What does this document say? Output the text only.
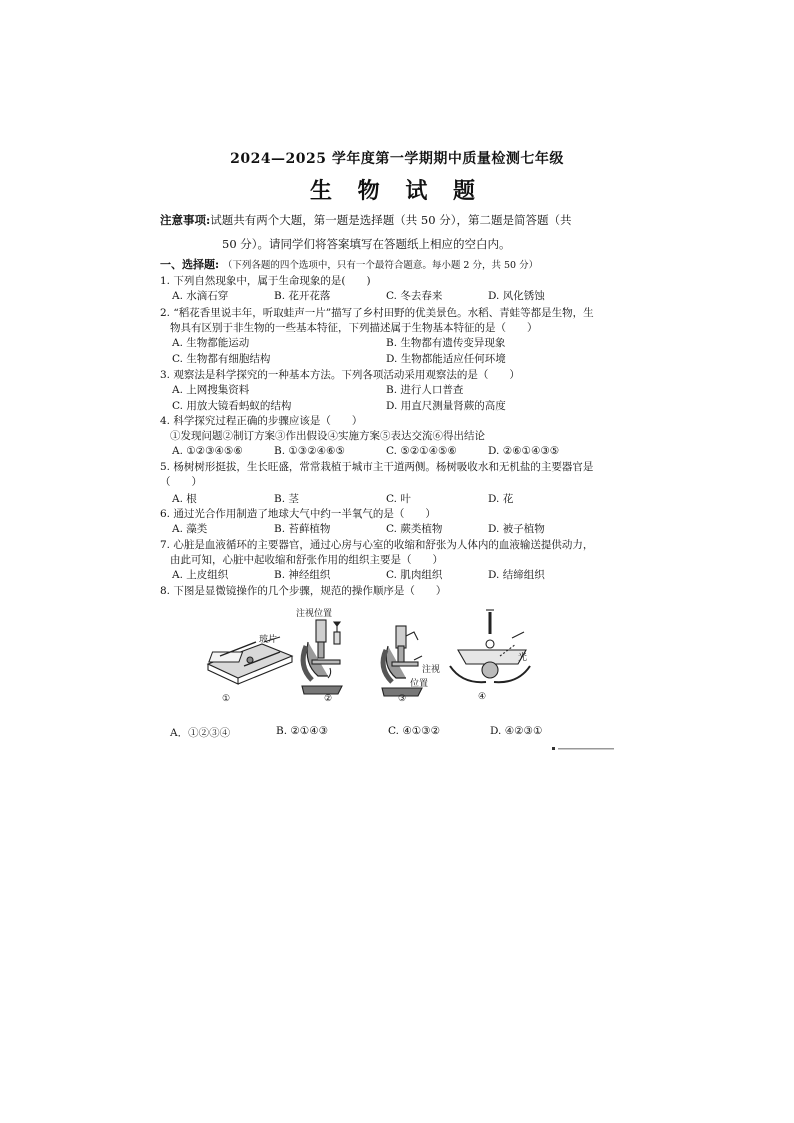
2024—2025 学年度第一学期期中质量检测七年级
生 物 试 题
注意事项:试题共有两个大题，第一题是选择题（共 50 分），第二题是简答题（共
50 分）。请同学们将答案填写在答题纸上相应的空白内。
一、选择题: （下列各题的四个选项中，只有一个最符合题意。每小题 2 分，共 50 分）
1. 下列自然现象中，属于生命现象的是(　　)
A. 水滴石穿	B. 花开花落	C. 冬去春来	D. 风化锈蚀
2. “稻花香里说丰年，听取蛙声一片”描写了乡村田野的优美景色。水稻、青蛙等都是生物，生
物具有区别于非生物的一些基本特征，下列描述属于生物基本特征的是（　　）
A. 生物都能运动	B. 生物都有遗传变异现象
C. 生物都有细胞结构	D. 生物都能适应任何环境
3. 观察法是科学探究的一种基本方法。下列各项活动采用观察法的是（　　）
A. 上网搜集资料	B. 进行人口普查
C. 用放大镜看蚂蚁的结构	D. 用直尺测量肾蕨的高度
4. 科学探究过程正确的步骤应该是（　　）
①发现问题②制订方案③作出假设④实施方案⑤表达交流⑥得出结论
A. ①②③④⑤⑥	B. ①③②④⑥⑤	C. ⑤②①④⑤⑥	D. ②⑥①④③⑤
5. 杨树树形挺拔，生长旺盛，常常栽植于城市主干道两侧。杨树吸收水和无机盐的主要器官是
（　　）
A. 根	B. 茎	C. 叶	D. 花
6. 通过光合作用制造了地球大气中约一半氧气的是（　　）
A. 藻类	B. 苔藓植物	C. 蕨类植物	D. 被子植物
7. 心脏是血液循环的主要器官，通过心房与心室的收缩和舒张为人体内的血液输送提供动力，
由此可知，心脏中起收缩和舒张作用的组织主要是（　　）
A. 上皮组织	B. 神经组织	C. 肌肉组织	D. 结缔组织
8. 下图是显微镜操作的几个步骤，规范的操作顺序是（　　）
玻片
注视位置
注视
位置
光
①	②	③	④
A．①②③④	B. ②①④③	C. ④①③②	D. ④②③①
